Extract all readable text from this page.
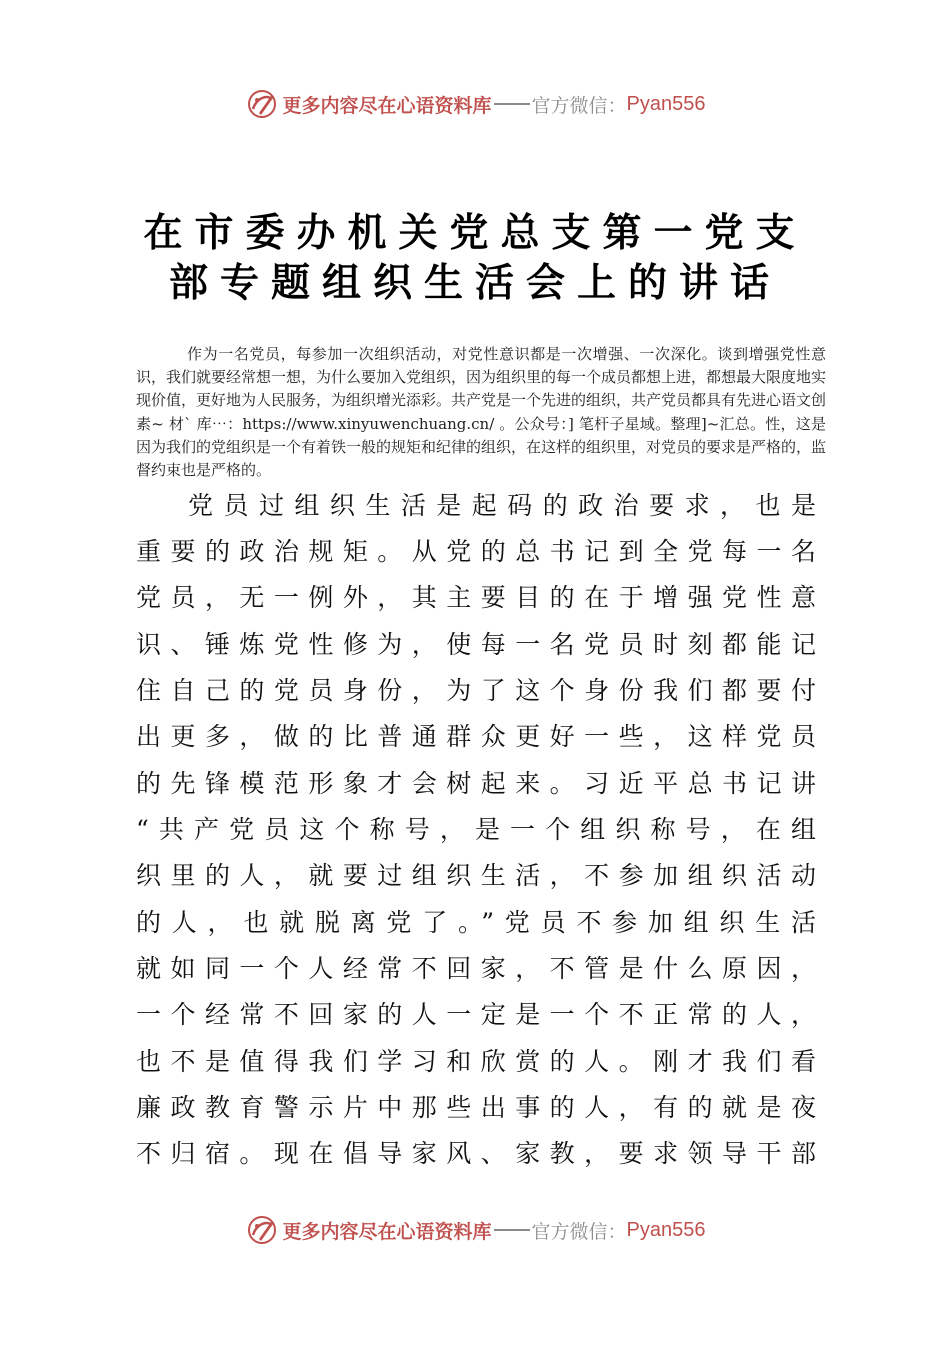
更多内容尽在心语资料库 官方微信： Pyan556
在市委办机关党总支第一党支
部专题组织生活会上的讲话

作为一名党员，每参加一次组织活动，对党性意识都是一次增强、一次深化。谈到增强党性意识，我们就要经常想一想，为什么要加入党组织，因为组织里的每一个成员都想上进，都想最大限度地实现价值，更好地为人民服务，为组织增光添彩。共产党是一个先进的组织，共产党员都具有先进心语文创素~ 材` 库⋯：https://www.xinyuwenchuang.cn/ 。公众号：] 笔杆子星域。整理]~汇总。性，这是因为我们的党组织是一个有着铁一般的规矩和纪律的组织，在这样的组织里，对党员的要求是严格的，监督约束也是严格的。

党员过组织生活是起码的政治要求，也是
重要的政治规矩。从党的总书记到全党每一名
党员，无一例外，其主要目的在于增强党性意
识、锤炼党性修为，使每一名党员时刻都能记
住自己的党员身份，为了这个身份我们都要付
出更多，做的比普通群众更好一些，这样党员
的先锋模范形象才会树起来。习近平总书记讲
“共产党员这个称号，是一个组织称号，在组
织里的人，就要过组织生活，不参加组织活动
的人，也就脱离党了。”党员不参加组织生活
就如同一个人经常不回家，不管是什么原因，
一个经常不回家的人一定是一个不正常的人，
也不是值得我们学习和欣赏的人。刚才我们看
廉政教育警示片中那些出事的人，有的就是夜
不归宿。现在倡导家风、家教，要求领导干部
更多内容尽在心语资料库 官方微信： Pyan556
